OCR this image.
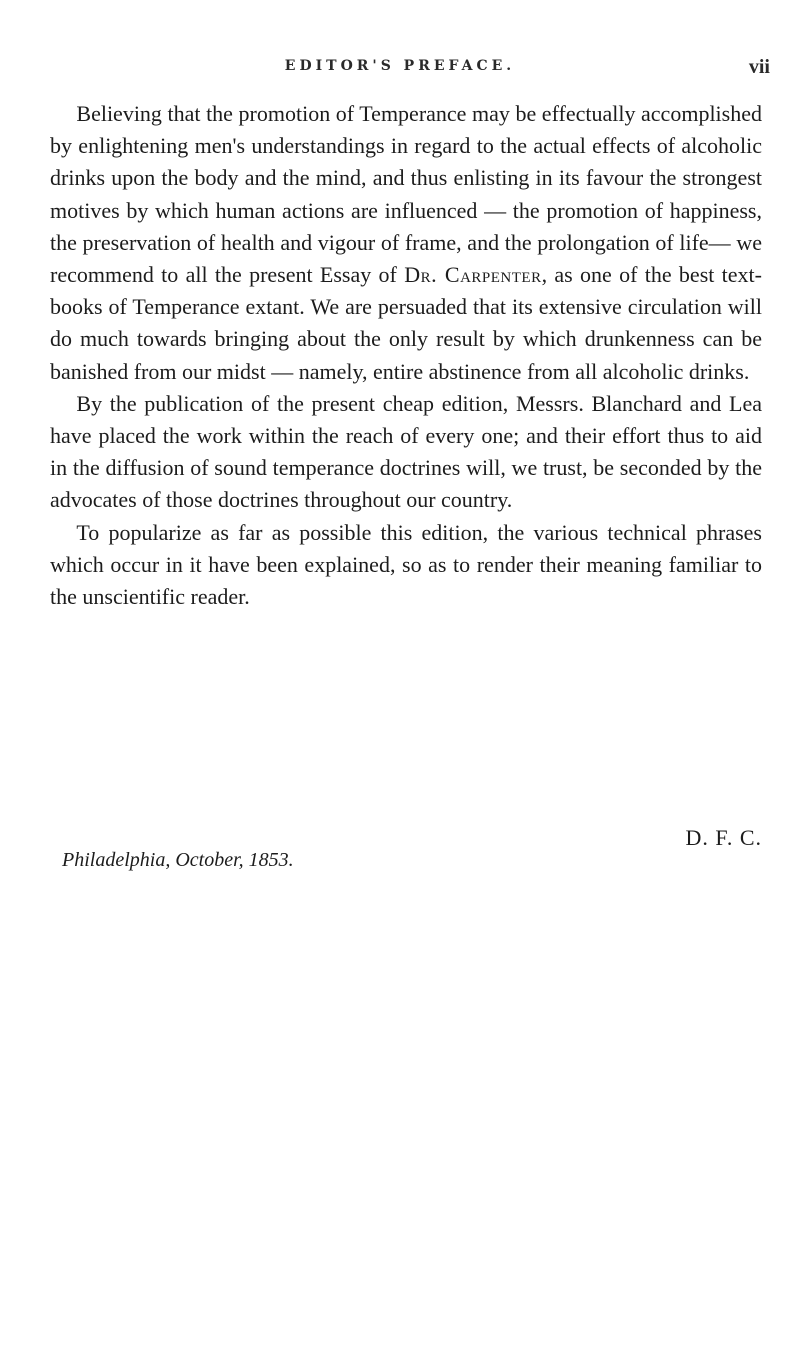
EDITOR'S PREFACE.	vii

Believing that the promotion of Temperance may be effectually accomplished by enlightening men's understandings in regard to the actual effects of alcoholic drinks upon the body and the mind, and thus enlisting in its favour the strongest motives by which human actions are influenced — the promotion of happiness, the preservation of health and vigour of frame, and the prolongation of life— we recommend to all the present Essay of Dr. Carpenter, as one of the best text-books of Temperance extant. We are persuaded that its extensive circulation will do much towards bringing about the only result by which drunkenness can be banished from our midst — namely, entire abstinence from all alcoholic drinks.

By the publication of the present cheap edition, Messrs. Blanchard and Lea have placed the work within the reach of every one; and their effort thus to aid in the diffusion of sound temperance doctrines will, we trust, be seconded by the advocates of those doctrines throughout our country.

To popularize as far as possible this edition, the various technical phrases which occur in it have been explained, so as to render their meaning familiar to the unscientific reader.

D. F. C.
Philadelphia, October, 1853.
